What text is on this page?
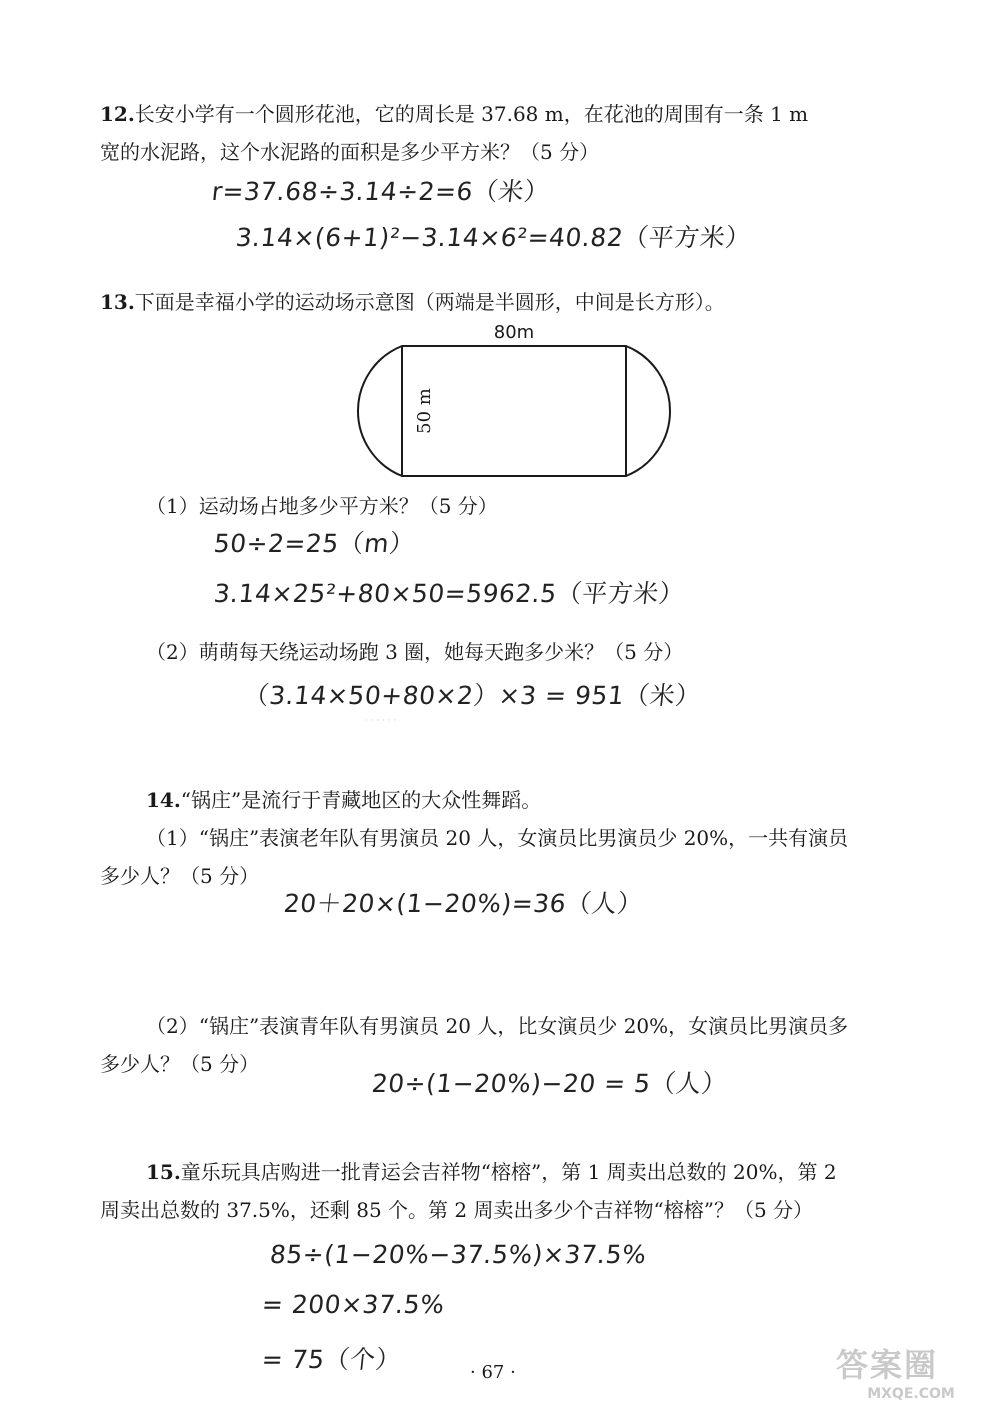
12.长安小学有一个圆形花池，它的周长是 37.68 m，在花池的周围有一条 1 m
宽的水泥路，这个水泥路的面积是多少平方米？（5 分）
r=37.68÷3.14÷2=6（米）
3.14×(6+1)²−3.14×6²=40.82（平方米）
13.下面是幸福小学的运动场示意图（两端是半圆形，中间是长方形）。
80m
50 m
（1）运动场占地多少平方米？（5 分）
50÷2=25（m）
3.14×25²+80×50=5962.5（平方米）
（2）萌萌每天绕运动场跑 3 圈，她每天跑多少米？（5 分）
（3.14×50+80×2）×3 = 951（米）
· · · · · ·
14.“锅庄”是流行于青藏地区的大众性舞蹈。
（1）“锅庄”表演老年队有男演员 20 人，女演员比男演员少 20%，一共有演员
多少人？（5 分）
20＋20×(1−20%)=36（人）
（2）“锅庄”表演青年队有男演员 20 人，比女演员少 20%，女演员比男演员多
多少人？（5 分）
20÷(1−20%)−20 = 5（人）
15.童乐玩具店购进一批青运会吉祥物“榕榕”，第 1 周卖出总数的 20%，第 2
周卖出总数的 37.5%，还剩 85 个。第 2 周卖出多少个吉祥物“榕榕”？（5 分）
85÷(1−20%−37.5%)×37.5%
= 200×37.5%
= 75（个）	· 67 ·	答案圈
MXQE.COM
